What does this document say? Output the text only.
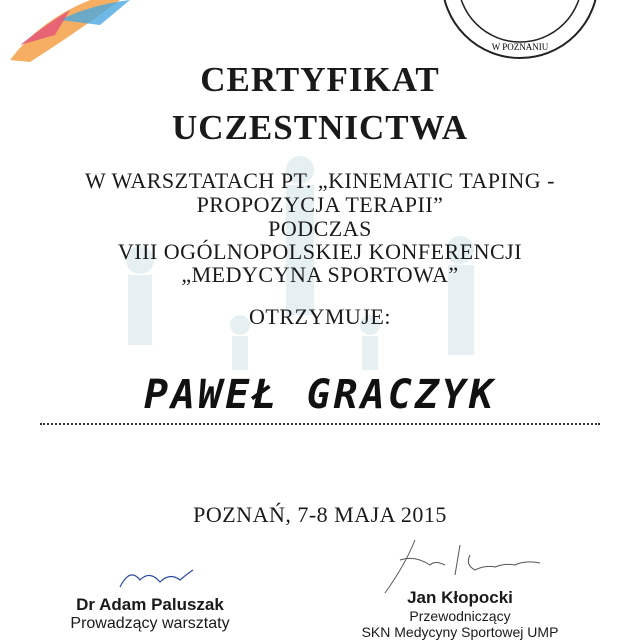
W POZNANIU
CERTYFIKAT
UCZESTNICTWA
W WARSZTATACH PT. „KINEMATIC TAPING -
PROPOZYCJA TERAPII”
PODCZAS
VIII OGÓLNOPOLSKIEJ KONFERENCJI
„MEDYCYNA SPORTOWA”
OTRZYMUJE:
PAWEŁ GRACZYK
POZNAŃ, 7-8 MAJA 2015
Dr Adam Paluszak
Prowadzący warsztaty
Jan Kłopocki
Przewodniczący
SKN Medycyny Sportowej UMP
